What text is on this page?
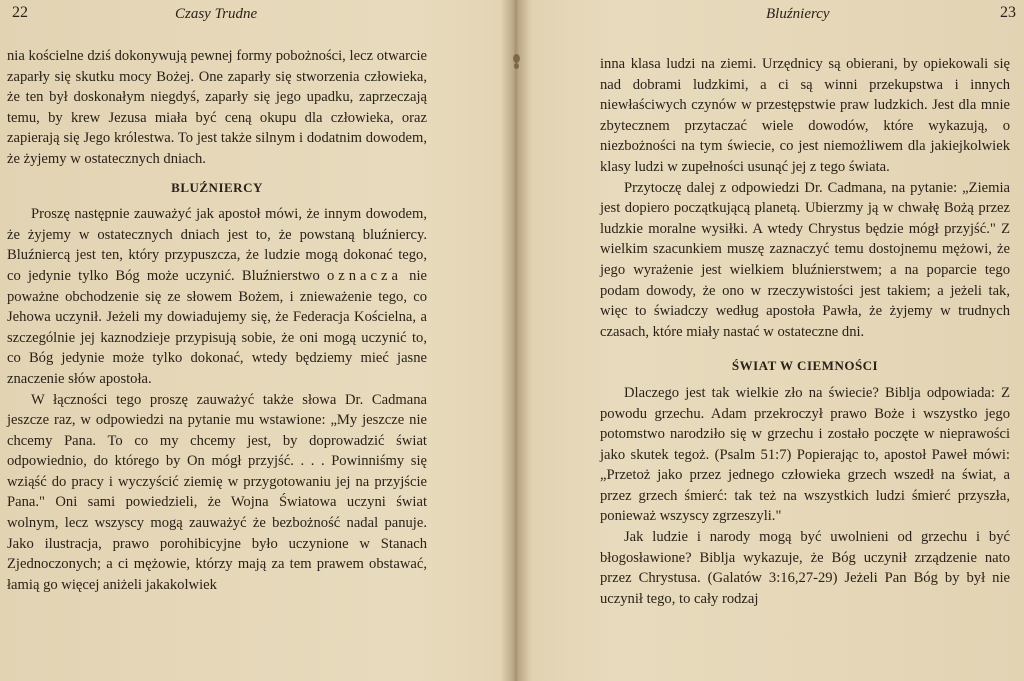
22	Czasy Trudne

nia kościelne dziś dokonywują pewnej formy pobożności, lecz otwarcie zaparły się skutku mocy Bożej. One zaparły się stworzenia człowieka, że ten był doskonałym niegdyś, zaparły się jego upadku, zaprzeczają temu, by krew Jezusa miała być ceną okupu dla człowieka, oraz zapierają się Jego królestwa. To jest także silnym i dodatnim dowodem, że żyjemy w ostatecznych dniach.

BLUŹNIERCY

Proszę następnie zauważyć jak apostoł mówi, że innym dowodem, że żyjemy w ostatecznych dniach jest to, że powstaną bluźniercy. Bluźniercą jest ten, który przypuszcza, że ludzie mogą dokonać tego, co jedynie tylko Bóg może uczynić. Bluźnierstwo oznacza nie poważne obchodzenie się ze słowem Bożem, i znieważenie tego, co Jehowa uczynił. Jeżeli my dowiadujemy się, że Federacja Kościelna, a szczególnie jej kaznodzieje przypisują sobie, że oni mogą uczynić to, co Bóg jedynie może tylko dokonać, wtedy będziemy mieć jasne znaczenie słów apostoła.

W łączności tego proszę zauważyć także słowa Dr. Cadmana jeszcze raz, w odpowiedzi na pytanie mu wstawione: „My jeszcze nie chcemy Pana. To co my chcemy jest, by doprowadzić świat odpowiednio, do którego by On mógł przyjść. . . . Powinniśmy się wziąść do pracy i wyczyścić ziemię w przygotowaniu jej na przyjście Pana." Oni sami powiedzieli, że Wojna Światowa uczyni świat wolnym, lecz wszyscy mogą zauważyć że bezbożność nadal panuje. Jako ilustracja, prawo porohibicyjne było uczynione w Stanach Zjednoczonych; a ci mężowie, którzy mają za tem prawem obstawać, łamią go więcej aniżeli jakakolwiek

Bluźniercy	23

inna klasa ludzi na ziemi. Urzędnicy są obierani, by opiekowali się nad dobrami ludzkimi, a ci są winni przekupstwa i innych niewłaściwych czynów w przestępstwie praw ludzkich. Jest dla mnie zbytecznem przytaczać wiele dowodów, które wykazują, o niezbożności na tym świecie, co jest niemożliwem dla jakiejkolwiek klasy ludzi w zupełności usunąć jej z tego świata.

Przytoczę dalej z odpowiedzi Dr. Cadmana, na pytanie: „Ziemia jest dopiero początkującą planetą. Ubierzmy ją w chwałę Bożą przez ludzkie moralne wysiłki. A wtedy Chrystus będzie mógł przyjść." Z wielkim szacunkiem muszę zaznaczyć temu dostojnemu mężowi, że jego wyrażenie jest wielkiem bluźnierstwem; a na poparcie tego podam dowody, że ono w rzeczywistości jest takiem; a jeżeli tak, więc to świadczy według apostoła Pawła, że żyjemy w trudnych czasach, które miały nastać w ostateczne dni.

ŚWIAT W CIEMNOŚCI

Dlaczego jest tak wielkie zło na świecie? Biblja odpowiada: Z powodu grzechu. Adam przekroczył prawo Boże i wszystko jego potomstwo narodziło się w grzechu i zostało poczęte w nieprawości jako skutek tegoż. (Psalm 51:7) Popierając to, apostoł Paweł mówi: „Przetoż jako przez jednego człowieka grzech wszedł na świat, a przez grzech śmierć: tak też na wszystkich ludzi śmierć przyszła, ponieważ wszyscy zgrzeszyli."

Jak ludzie i narody mogą być uwolnieni od grzechu i być błogosławione? Biblja wykazuje, że Bóg uczynił zrządzenie nato przez Chrystusa. (Galatów 3:16,27-29) Jeżeli Pan Bóg by był nie uczynił tego, to cały rodzaj
